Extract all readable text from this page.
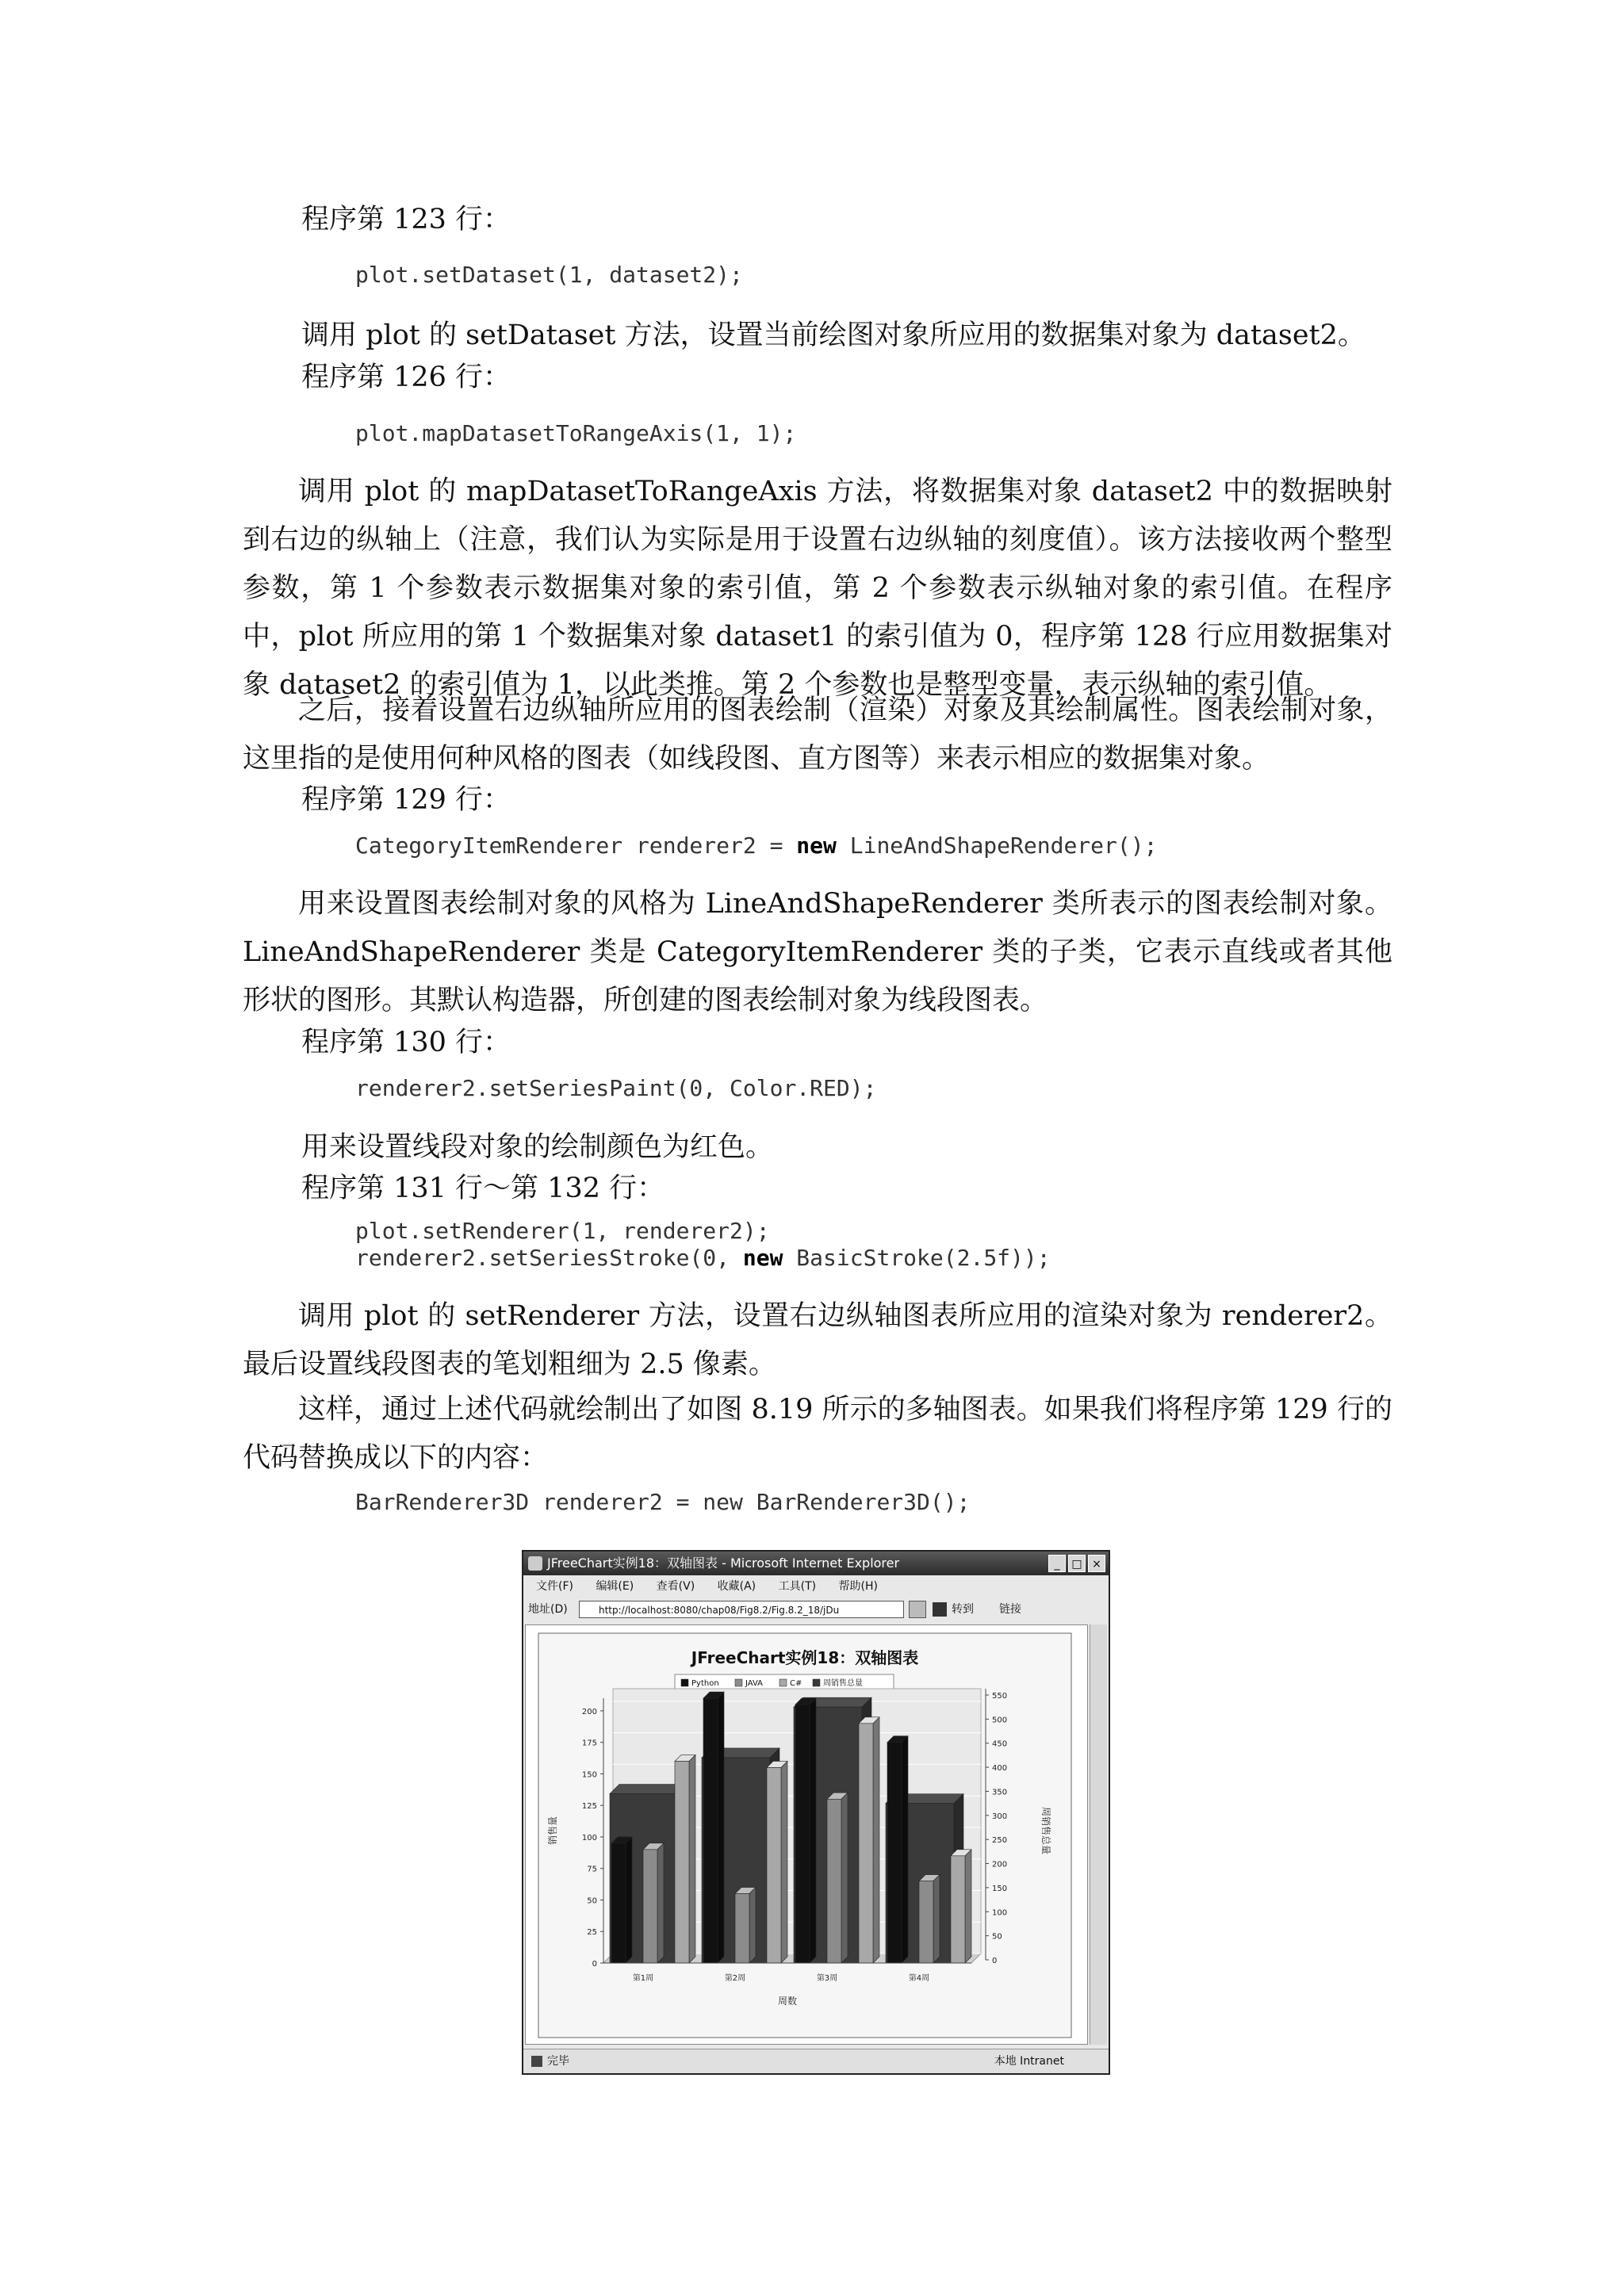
程序第 123 行：
plot.setDataset(1, dataset2);
调用 plot 的 setDataset 方法，设置当前绘图对象所应用的数据集对象为 dataset2。
程序第 126 行：
plot.mapDatasetToRangeAxis(1, 1);
调用 plot 的 mapDatasetToRangeAxis 方法，将数据集对象 dataset2 中的数据映射到右边的纵轴上（注意，我们认为实际是用于设置右边纵轴的刻度值）。该方法接收两个整型参数，第 1 个参数表示数据集对象的索引值，第 2 个参数表示纵轴对象的索引值。在程序中，plot 所应用的第 1 个数据集对象 dataset1 的索引值为 0，程序第 128 行应用数据集对象 dataset2 的索引值为 1，以此类推。第 2 个参数也是整型变量，表示纵轴的索引值。
之后，接着设置右边纵轴所应用的图表绘制（渲染）对象及其绘制属性。图表绘制对象，这里指的是使用何种风格的图表（如线段图、直方图等）来表示相应的数据集对象。
程序第 129 行：
CategoryItemRenderer renderer2 = new LineAndShapeRenderer();
用来设置图表绘制对象的风格为 LineAndShapeRenderer 类所表示的图表绘制对象。LineAndShapeRenderer 类是 CategoryItemRenderer 类的子类，它表示直线或者其他形状的图形。其默认构造器，所创建的图表绘制对象为线段图表。
程序第 130 行：
renderer2.setSeriesPaint(0, Color.RED);
用来设置线段对象的绘制颜色为红色。
程序第 131 行～第 132 行：
plot.setRenderer(1, renderer2);
renderer2.setSeriesStroke(0, new BasicStroke(2.5f));
调用 plot 的 setRenderer 方法，设置右边纵轴图表所应用的渲染对象为 renderer2。最后设置线段图表的笔划粗细为 2.5 像素。
这样，通过上述代码就绘制出了如图 8.19 所示的多轴图表。如果我们将程序第 129 行的代码替换成以下的内容：
BarRenderer3D renderer2 = new BarRenderer3D();
JFreeChart实例18：双轴图表 - Microsoft Internet Explorer	_	□ ×
文件(F) 编辑(E) 查看(V) 收藏(A) 工具(T) 帮助(H)
地址(D)	http://localhost:8080/chap08/Fig8.2/Fig.8.2_18/jDu	转到 链接
JFreeChart实例18：双轴图表
Python	JAVA	C#	周销售总量
0
25
50
75
100
125
150
175
200
0
50
100
150
200
250
300
350
400
450
500
550
销售量	周销售总量
周数
第1周	第2周	第3周	第4周
完毕	本地 Intranet
